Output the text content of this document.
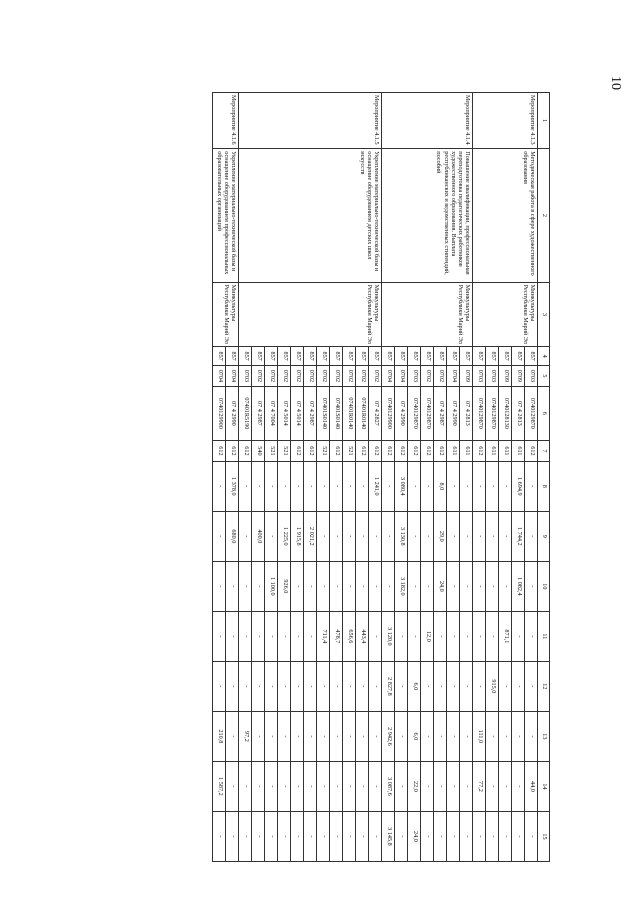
10
1	2	3	4	5	6	7	8	9	10	11	12	13	14	15
Мероприятие 4.1.3	Методическая работа в сфере художественного образования	Минкультуры Республики Марий Эл	857	0703	0740129870	612	-	-	-	-	-	-	44,0	-
			857	0709	07 4 2813	611	1 694,9	1 744,2	1 082,4	-	-	-	-	-
			857	0709	0740128130	611	-	-	-	871,1	-	-	-	-
			857	0703	0740129870	611	-	-	-	-	915,0	-	-	-
			857	0703	0740129870	612	-	-	-	-	-	111,0	77,2	-
Мероприятие 4.1.4	Повышение квалификации, профессиональная переподготовка педагогических работников художественного образования. Выплата республиканских и ведомственных стипендий, пособий	Минкультуры Республики Марий Эл	857	0709	07 4 2813	611	-	-	-	-	-	-	-	-
			857	0704	07 4 2990	611	-	-	-	-	-	-	-	-
			857	0702	07 4 2987	612	8,0	29,0	24,0	-	-	-	-	-
			857	0702	0740129870	612	-	-	-	12,0	-	-	-	-
			857	0703	0740129870	612	-	-	-	-	6,0	6,0	22,0	24,0
			857	0704	07 4 2990	612	3 080,4	3 130,8	3 182,0	-	-	-	-	-
			857	0704	0740129900	612	-	-	-	3 120,0	2 827,8	2 942,6	3 087,6	3 145,8
Мероприятие 4.1.5	Укрепление материально-технической базы и оснащение оборудованием детских школ искусств	Минкультуры Республики Марий Эл	857	0702	07 4 2827	612	1 241,0	-	-	-	-	-	-	-
			857	0702	07401R0140	612	-	-	-	443,4	-	-	-	-
			857	0702	07401R0140	521	-	-	-	656,6	-	-	-	-
			857	0702	07401S0140	612	-	-	-	478,7	-	-	-	-
			857	0702	07401S0140	521	-	-	-	711,4	-	-	-	-
			857	0702	07 4 2987	612	-	2 021,2	-	-	-	-	-	-
			857	0702	07 4 5014	612	-	1 915,8	-	-	-	-	-	-
			857	0702	07 4 5014	521	-	1 225,0	926,0	-	-	-	-	-
			857	0702	07 4 7004	521	-	-	1 100,0	-	-	-	-	-
			857	0702	07 4 2987	540	-	400,0	-	-	-	-	-	-
			857	0703	07401R5190	612	-	-	-	-	-	97,2	-	-
Мероприятие 4.1.6	Укрепление материально-технической базы и оснащение оборудованием профессиональных образовательных организаций	Минкультуры Республики Марий Эл	857	0704	07 4 2990	612	1 378,0	680,0	-	-	-	-	-	-
			857	0704	0740129900	612	-	-	-	-	-	210,8	1 587,2	-
